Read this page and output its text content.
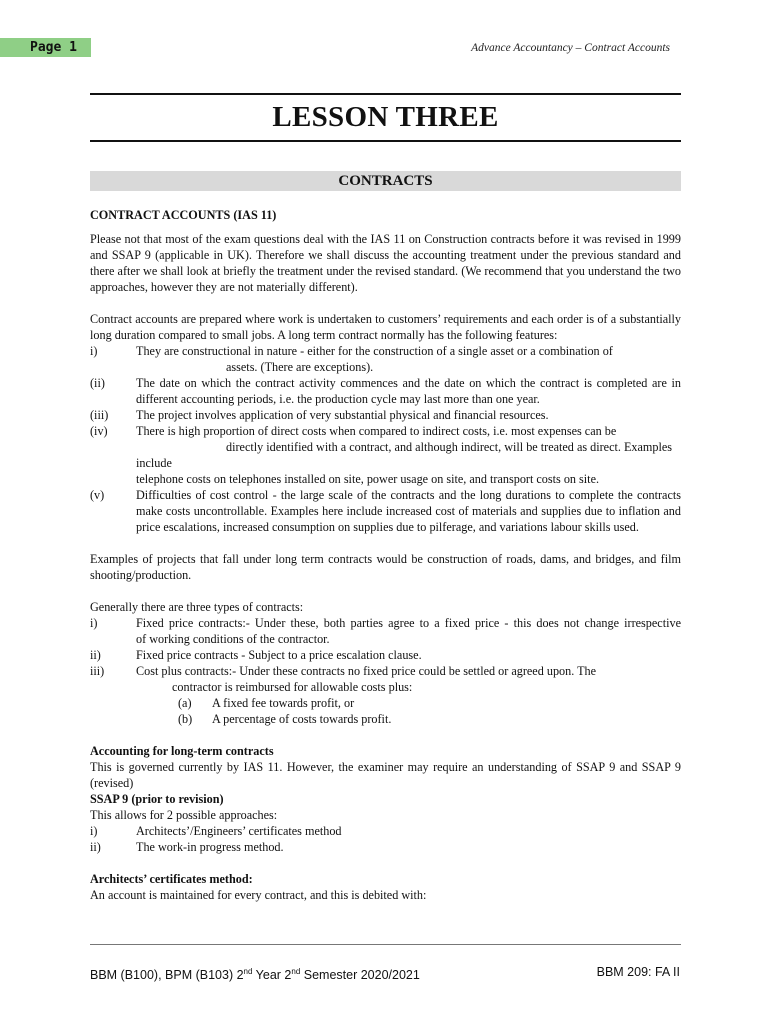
Page 1	Advance Accountancy – Contract Accounts
LESSON THREE
CONTRACTS
CONTRACT ACCOUNTS (IAS 11)
Please not that most of the exam questions deal with the IAS 11 on Construction contracts before it was revised in 1999 and SSAP 9 (applicable in UK). Therefore we shall discuss the accounting treatment under the previous standard and there after we shall look at briefly the treatment under the revised standard. (We recommend that you understand the two approaches, however they are not materially different).
Contract accounts are prepared where work is undertaken to customers’ requirements and each order is of a substantially long duration compared to small jobs. A long term contract normally has the following features:
i)	They are constructional in nature - either for the construction of a single asset or a combination of
assets. (There are exceptions).
(ii)	The date on which the contract activity commences and the date on which the contract is completed are in different accounting periods, i.e. the production cycle may last more than one year.
(iii)	The project involves application of very substantial physical and financial resources.
(iv)	There is high proportion of direct costs when compared to indirect costs, i.e. most expenses can be
directly identified with a contract, and although indirect, will be treated as direct. Examples
include
telephone costs on telephones installed on site, power usage on site, and transport costs on site.
(v)	Difficulties of cost control - the large scale of the contracts and the long durations to complete the contracts make costs uncontrollable. Examples here include increased cost of materials and supplies due to inflation and price escalations, increased consumption on supplies due to pilferage, and variations labour skills used.
Examples of projects that fall under long term contracts would be construction of roads, dams, and bridges, and film shooting/production.
Generally there are three types of contracts:
i)	Fixed price contracts:- Under these, both parties agree to a fixed price - this does not change irrespective          of working conditions of the contractor.
ii)	Fixed price contracts - Subject to a price escalation clause.
iii)	Cost plus contracts:- Under these contracts no fixed price could be settled or agreed upon. The
contractor is reimbursed for allowable costs plus:
(a)	A fixed fee towards profit, or
(b)	A percentage of costs towards profit.
Accounting for long-term contracts
This is governed currently by IAS 11. However, the examiner may require an understanding of SSAP 9 and SSAP 9 (revised)
SSAP 9 (prior to revision)
This allows for 2 possible approaches:
i)	Architects’/Engineers’ certificates method
ii)	The work-in progress method.
Architects’ certificates method:
An account is maintained for every contract, and this is debited with:
BBM (B100), BPM (B103) 2nd Year 2nd Semester 2020/2021	BBM 209: FA II
